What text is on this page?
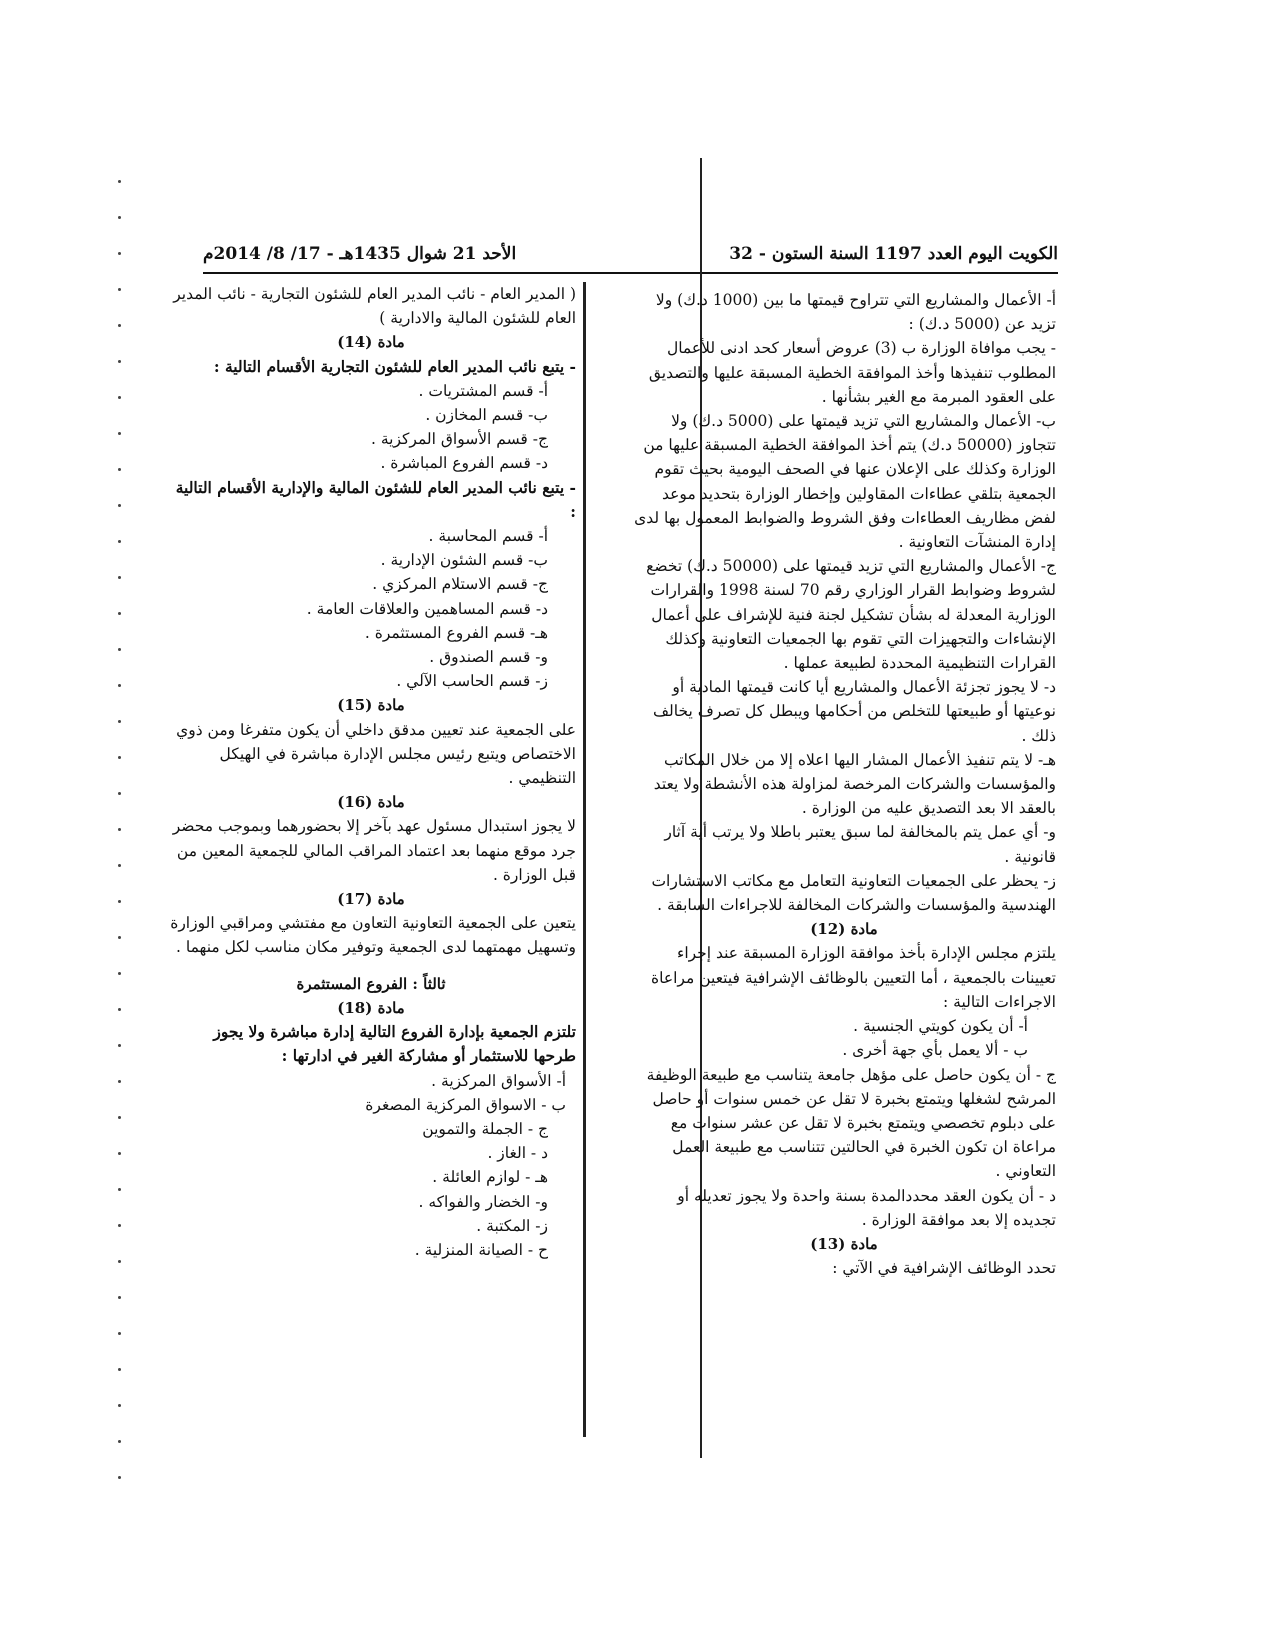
الكويت اليوم العدد 1197 السنة الستون - 32
الأحد 21 شوال 1435هـ - 17/ 8/ 2014م
أ- الأعمال والمشاريع التي تتراوح قيمتها ما بين (1000 د.ك) ولا تزيد عن (5000 د.ك) :
- يجب موافاة الوزارة ب (3) عروض أسعار كحد ادنى للأعمال المطلوب تنفيذها وأخذ الموافقة الخطية المسبقة عليها والتصديق على العقود المبرمة مع الغير بشأنها .
ب- الأعمال والمشاريع التي تزيد قيمتها على (5000 د.ك) ولا تتجاوز (50000 د.ك) يتم أخذ الموافقة الخطية المسبقة عليها من الوزارة وكذلك على الإعلان عنها في الصحف اليومية بحيث تقوم الجمعية بتلقي عطاءات المقاولين وإخطار الوزارة بتحديد موعد لفض مظاريف العطاءات وفق الشروط والضوابط المعمول بها لدى إدارة المنشآت التعاونية .
ج- الأعمال والمشاريع التي تزيد قيمتها على (50000 د.ك) تخضع لشروط وضوابط القرار الوزاري رقم 70 لسنة 1998 والقرارات الوزارية المعدلة له بشأن تشكيل لجنة فنية للإشراف على أعمال الإنشاءات والتجهيزات التي تقوم بها الجمعيات التعاونية وكذلك القرارات التنظيمية المحددة لطبيعة عملها .
د- لا يجوز تجزئة الأعمال والمشاريع أيا كانت قيمتها المادية أو نوعيتها أو طبيعتها للتخلص من أحكامها ويبطل كل تصرف يخالف ذلك .
هـ- لا يتم تنفيذ الأعمال المشار اليها اعلاه إلا من خلال المكاتب والمؤسسات والشركات المرخصة لمزاولة هذه الأنشطة ولا يعتد بالعقد الا بعد التصديق عليه من الوزارة .
و- أي عمل يتم بالمخالفة لما سبق يعتبر باطلا ولا يرتب أية آثار قانونية .
ز- يحظر على الجمعيات التعاونية التعامل مع مكاتب الاستشارات الهندسية والمؤسسات والشركات المخالفة للاجراءات السابقة .
مادة (12)
يلتزم مجلس الإدارة بأخذ موافقة الوزارة المسبقة عند إجراء تعيينات بالجمعية ، أما التعيين بالوظائف الإشرافية فيتعين مراعاة الاجراءات التالية :
أ- أن يكون كويتي الجنسية .
ب - ألا يعمل بأي جهة أخرى .
ج - أن يكون حاصل على مؤهل جامعة يتناسب مع طبيعة الوظيفة المرشح لشغلها ويتمتع بخبرة لا تقل عن خمس سنوات أو حاصل على دبلوم تخصصي ويتمتع بخبرة لا تقل عن عشر سنوات مع مراعاة ان تكون الخبرة في الحالتين تتناسب مع طبيعة العمل التعاوني .
د - أن يكون العقد محددالمدة بسنة واحدة ولا يجوز تعديله أو تجديده إلا بعد موافقة الوزارة .
مادة (13)
تحدد الوظائف الإشرافية في الآتي :
( المدير العام - نائب المدير العام للشئون التجارية - نائب المدير العام للشئون المالية والادارية )
مادة (14)
- يتبع نائب المدير العام للشئون التجارية الأقسام التالية :
أ- قسم المشتريات .
ب- قسم المخازن .
ج- قسم الأسواق المركزية .
د- قسم الفروع المباشرة .
- يتبع نائب المدير العام للشئون المالية والإدارية الأقسام التالية :
أ- قسم المحاسبة .
ب- قسم الشئون الإدارية .
ج- قسم الاستلام المركزي .
د- قسم المساهمين والعلاقات العامة .
هـ- قسم الفروع المستثمرة .
و- قسم الصندوق .
ز- قسم الحاسب الآلي .
مادة (15)
على الجمعية عند تعيين مدقق داخلي أن يكون متفرغا ومن ذوي الاختصاص ويتبع رئيس مجلس الإدارة مباشرة في الهيكل التنظيمي .
مادة (16)
لا يجوز استبدال مسئول عهد بآخر إلا بحضورهما وبموجب محضر جرد موقع منهما بعد اعتماد المراقب المالي للجمعية المعين من قبل الوزارة .
مادة (17)
يتعين على الجمعية التعاونية التعاون مع مفتشي ومراقبي الوزارة وتسهيل مهمتهما لدى الجمعية وتوفير مكان مناسب لكل منهما .
ثالثاً : الفروع المستثمرة
مادة (18)
تلتزم الجمعية بإدارة الفروع التالية إدارة مباشرة ولا يجوز طرحها للاستثمار أو مشاركة الغير في ادارتها :
أ- الأسواق المركزية .
ب - الاسواق المركزية المصغرة
ج - الجملة والتموين
د - الغاز .
هـ - لوازم العائلة .
و- الخضار والفواكه .
ز- المكتبة .
ح - الصيانة المنزلية .
